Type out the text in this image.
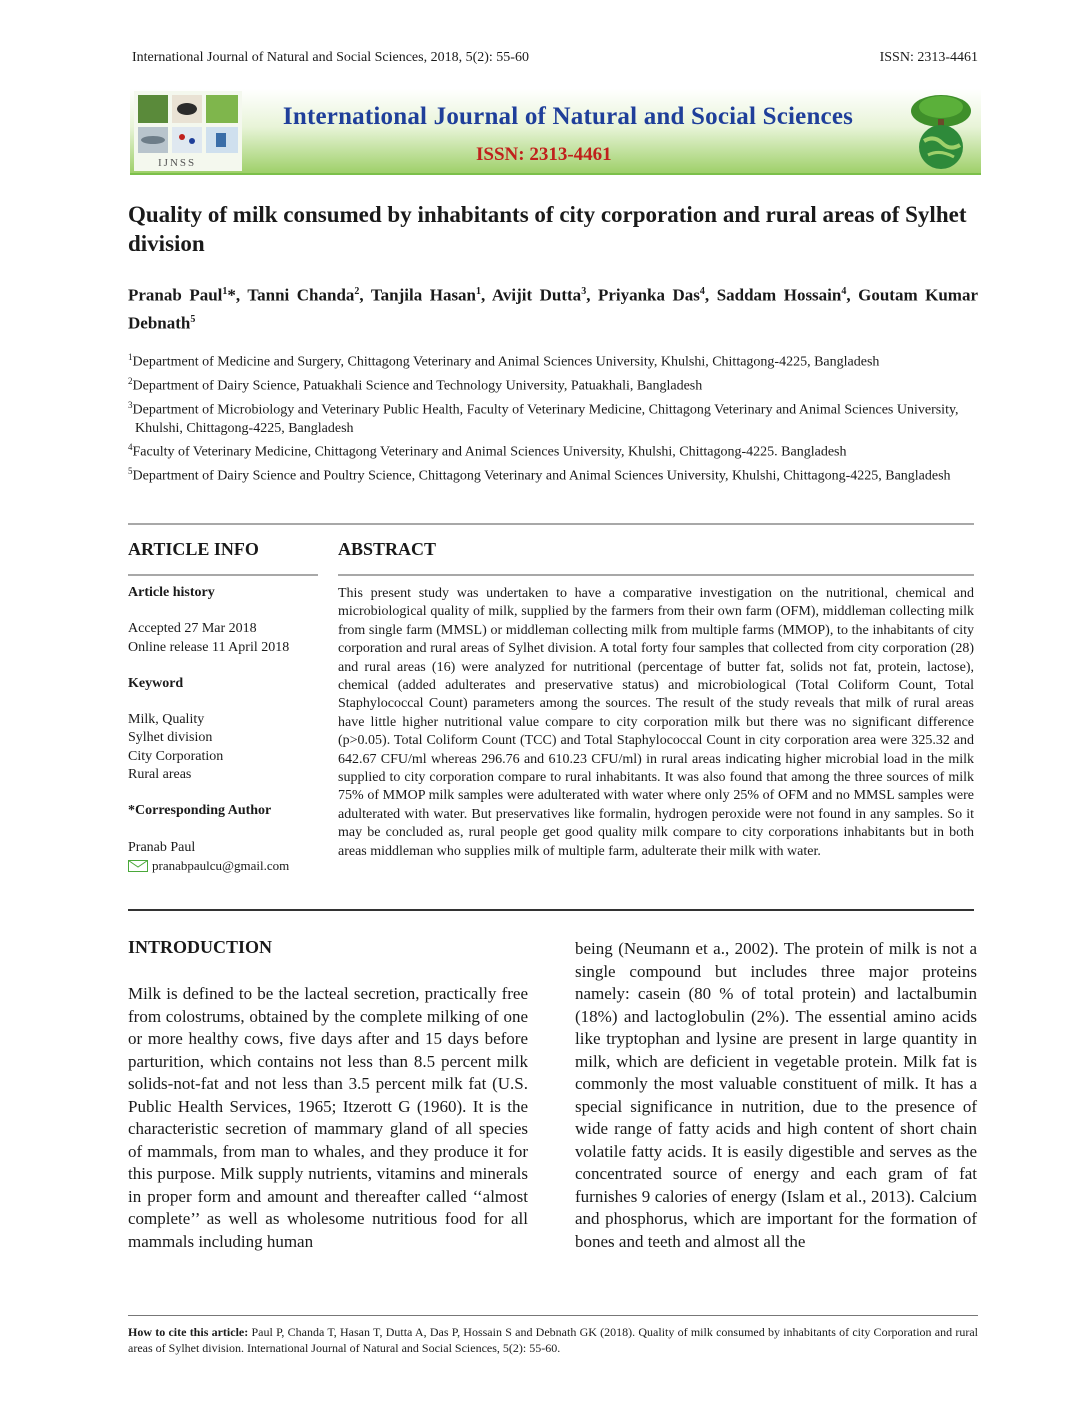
International Journal of Natural and Social Sciences, 2018, 5(2): 55-60	ISSN: 2313-4461
IJNSS
International Journal of Natural and Social Sciences
ISSN: 2313-4461
Quality of milk consumed by inhabitants of city corporation and rural areas of Sylhet division
Pranab Paul$^1$*, Tanni Chanda$^2$, Tanjila Hasan$^1$, Avijit Dutta$^3$, Priyanka Das$^4$, Saddam Hossain$^4$, Goutam Kumar Debnath$^5$

$^1$Department of Medicine and Surgery, Chittagong Veterinary and Animal Sciences University, Khulshi, Chittagong-4225, Bangladesh

$^2$Department of Dairy Science, Patuakhali Science and Technology University, Patuakhali, Bangladesh

$^3$Department of Microbiology and Veterinary Public Health, Faculty of Veterinary Medicine, Chittagong Veterinary and Animal Sciences University, Khulshi, Chittagong-4225, Bangladesh

$^4$Faculty of Veterinary Medicine, Chittagong Veterinary and Animal Sciences University, Khulshi, Chittagong-4225. Bangladesh

$^5$Department of Dairy Science and Poultry Science, Chittagong Veterinary and Animal Sciences University, Khulshi, Chittagong-4225, Bangladesh

ARTICLE INFO
Article history
Accepted 27 Mar 2018
Online release 11 April 2018
Keyword
Milk, Quality
Sylhet division
City Corporation
Rural areas
*Corresponding Author
Pranab Paul
pranabpaulcu@gmail.com
ABSTRACT
This present study was undertaken to have a comparative investigation on the nutritional, chemical and microbiological quality of milk, supplied by the farmers from their own farm (OFM), middleman collecting milk from single farm (MMSL) or middleman collecting milk from multiple farms (MMOP), to the inhabitants of city corporation and rural areas of Sylhet division. A total forty four samples that collected from city corporation (28) and rural areas (16) were analyzed for nutritional (percentage of butter fat, solids not fat, protein, lactose), chemical (added adulterates and preservative status) and microbiological (Total Coliform Count, Total Staphylococcal Count) parameters among the sources. The result of the study reveals that milk of rural areas have little higher nutritional value compare to city corporation milk but there was no significant difference (p>0.05). Total Coliform Count (TCC) and Total Staphylococcal Count in city corporation area were 325.32 and 642.67 CFU/ml whereas 296.76 and 610.23 CFU/ml) in rural areas indicating higher microbial load in the milk supplied to city corporation compare to rural inhabitants. It was also found that among the three sources of milk 75% of MMOP milk samples were adulterated with water where only 25% of OFM and no MMSL samples were adulterated with water. But preservatives like formalin, hydrogen peroxide were not found in any samples. So it may be concluded as, rural people get good quality milk compare to city corporations inhabitants but in both areas middleman who supplies milk of multiple farm, adulterate their milk with water.
INTRODUCTION
Milk is defined to be the lacteal secretion, practically free from colostrums, obtained by the complete milking of one or more healthy cows, five days after and 15 days before parturition, which contains not less than 8.5 percent milk solids-not-fat and not less than 3.5 percent milk fat (U.S. Public Health Services, 1965; Itzerott G (1960). It is the characteristic secretion of mammary gland of all species of mammals, from man to whales, and they produce it for this purpose. Milk supply nutrients, vitamins and minerals in proper form and amount and thereafter called ‘‘almost complete’’ as well as wholesome nutritious food for all mammals including human
being (Neumann et a., 2002). The protein of milk is not a single compound but includes three major proteins namely: casein (80 % of total protein) and lactalbumin (18%) and lactoglobulin (2%). The essential amino acids like tryptophan and lysine are present in large quantity in milk, which are deficient in vegetable protein. Milk fat is commonly the most valuable constituent of milk. It has a special significance in nutrition, due to the presence of wide range of fatty acids and high content of short chain volatile fatty acids. It is easily digestible and serves as the concentrated source of energy and each gram of fat furnishes 9 calories of energy (Islam et al., 2013). Calcium and phosphorus, which are important for the formation of bones and teeth and almost all the
How to cite this article: Paul P, Chanda T, Hasan T, Dutta A, Das P, Hossain S and Debnath GK (2018). Quality of milk consumed by inhabitants of city Corporation and rural areas of Sylhet division. International Journal of Natural and Social Sciences, 5(2): 55-60.
